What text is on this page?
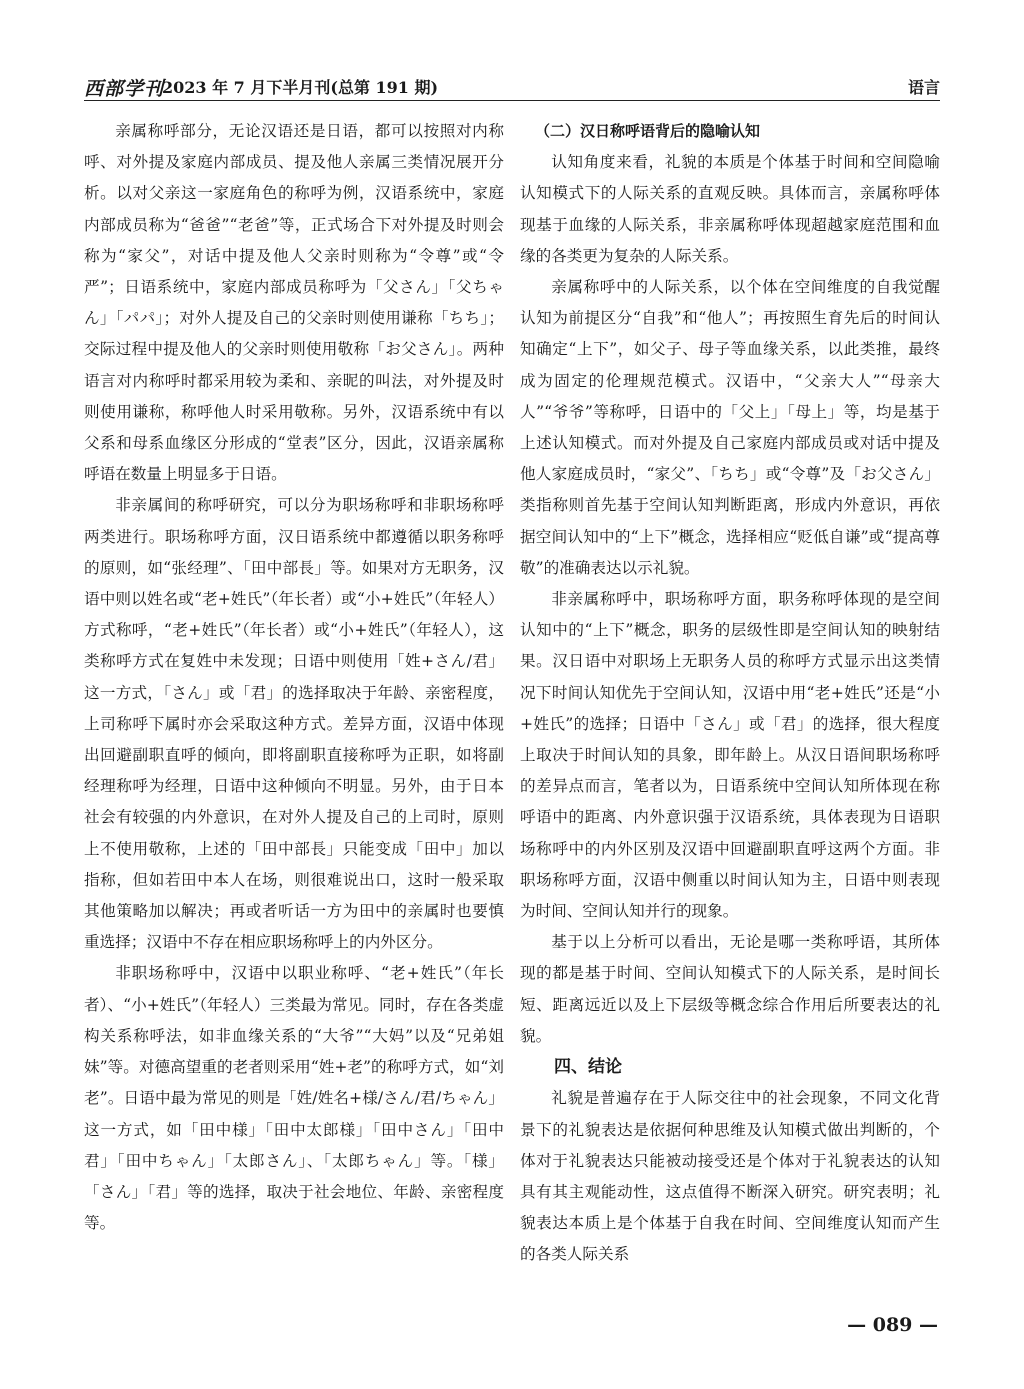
西部学刊
2023 年 7 月下半月刊(总第 191 期)	语言

亲属称呼部分，无论汉语还是日语，都可以按照对内称呼、对外提及家庭内部成员、提及他人亲属三类情况展开分析。以对父亲这一家庭角色的称呼为例，汉语系统中，家庭内部成员称为“爸爸”“老爸”等，正式场合下对外提及时则会称为“家父”，对话中提及他人父亲时则称为“令尊”或“令严”；日语系统中，家庭内部成员称呼为「父さん」「父ちゃん」「パパ」；对外人提及自己的父亲时则使用谦称「ちち」；交际过程中提及他人的父亲时则使用敬称「お父さん」。两种语言对内称呼时都采用较为柔和、亲昵的叫法，对外提及时则使用谦称，称呼他人时采用敬称。另外，汉语系统中有以父系和母系血缘区分形成的“堂表”区分，因此，汉语亲属称呼语在数量上明显多于日语。

非亲属间的称呼研究，可以分为职场称呼和非职场称呼两类进行。职场称呼方面，汉日语系统中都遵循以职务称呼的原则，如“张经理”、「田中部長」等。如果对方无职务，汉语中则以姓名或“老+姓氏”（年长者）或“小+姓氏”（年轻人）方式称呼，“老+姓氏”（年长者）或“小+姓氏”（年轻人），这类称呼方式在复姓中未发现；日语中则使用「姓+さん/君」这一方式，「さん」或「君」的选择取决于年龄、亲密程度，上司称呼下属时亦会采取这种方式。差异方面，汉语中体现出回避副职直呼的倾向，即将副职直接称呼为正职，如将副经理称呼为经理，日语中这种倾向不明显。另外，由于日本社会有较强的内外意识，在对外人提及自己的上司时，原则上不使用敬称，上述的「田中部長」只能变成「田中」加以指称，但如若田中本人在场，则很难说出口，这时一般采取其他策略加以解决；再或者听话一方为田中的亲属时也要慎重选择；汉语中不存在相应职场称呼上的内外区分。

非职场称呼中，汉语中以职业称呼、“老+姓氏”（年长者）、“小+姓氏”（年轻人）三类最为常见。同时，存在各类虚构关系称呼法，如非血缘关系的“大爷”“大妈”以及“兄弟姐妹”等。对德高望重的老者则采用“姓+老”的称呼方式，如“刘老”。日语中最为常见的则是「姓/姓名+様/さん/君/ちゃん」这一方式，如「田中様」「田中太郎様」「田中さん」「田中君」「田中ちゃん」「太郎さん」、「太郎ちゃん」等。「様」「さん」「君」等的选择，取决于社会地位、年龄、亲密程度等。

（二）汉日称呼语背后的隐喻认知

认知角度来看，礼貌的本质是个体基于时间和空间隐喻认知模式下的人际关系的直观反映。具体而言，亲属称呼体现基于血缘的人际关系，非亲属称呼体现超越家庭范围和血缘的各类更为复杂的人际关系。

亲属称呼中的人际关系，以个体在空间维度的自我觉醒认知为前提区分“自我”和“他人”；再按照生育先后的时间认知确定“上下”，如父子、母子等血缘关系，以此类推，最终成为固定的伦理规范模式。汉语中，“父亲大人”“母亲大人”“爷爷”等称呼，日语中的「父上」「母上」等，均是基于上述认知模式。而对外提及自己家庭内部成员或对话中提及他人家庭成员时，“家父”、「ちち」或“令尊”及「お父さん」类指称则首先基于空间认知判断距离，形成内外意识，再依据空间认知中的“上下”概念，选择相应“贬低自谦”或“提高尊敬”的准确表达以示礼貌。

非亲属称呼中，职场称呼方面，职务称呼体现的是空间认知中的“上下”概念，职务的层级性即是空间认知的映射结果。汉日语中对职场上无职务人员的称呼方式显示出这类情况下时间认知优先于空间认知，汉语中用“老+姓氏”还是“小+姓氏”的选择；日语中「さん」或「君」的选择，很大程度上取决于时间认知的具象，即年龄上。从汉日语间职场称呼的差异点而言，笔者以为，日语系统中空间认知所体现在称呼语中的距离、内外意识强于汉语系统，具体表现为日语职场称呼中的内外区别及汉语中回避副职直呼这两个方面。非职场称呼方面，汉语中侧重以时间认知为主，日语中则表现为时间、空间认知并行的现象。

基于以上分析可以看出，无论是哪一类称呼语，其所体现的都是基于时间、空间认知模式下的人际关系，是时间长短、距离远近以及上下层级等概念综合作用后所要表达的礼貌。

四、结论

礼貌是普遍存在于人际交往中的社会现象，不同文化背景下的礼貌表达是依据何种思维及认知模式做出判断的，个体对于礼貌表达只能被动接受还是个体对于礼貌表达的认知具有其主观能动性，这点值得不断深入研究。研究表明；礼貌表达本质上是个体基于自我在时间、空间维度认知而产生的各类人际关系

— 089 —
